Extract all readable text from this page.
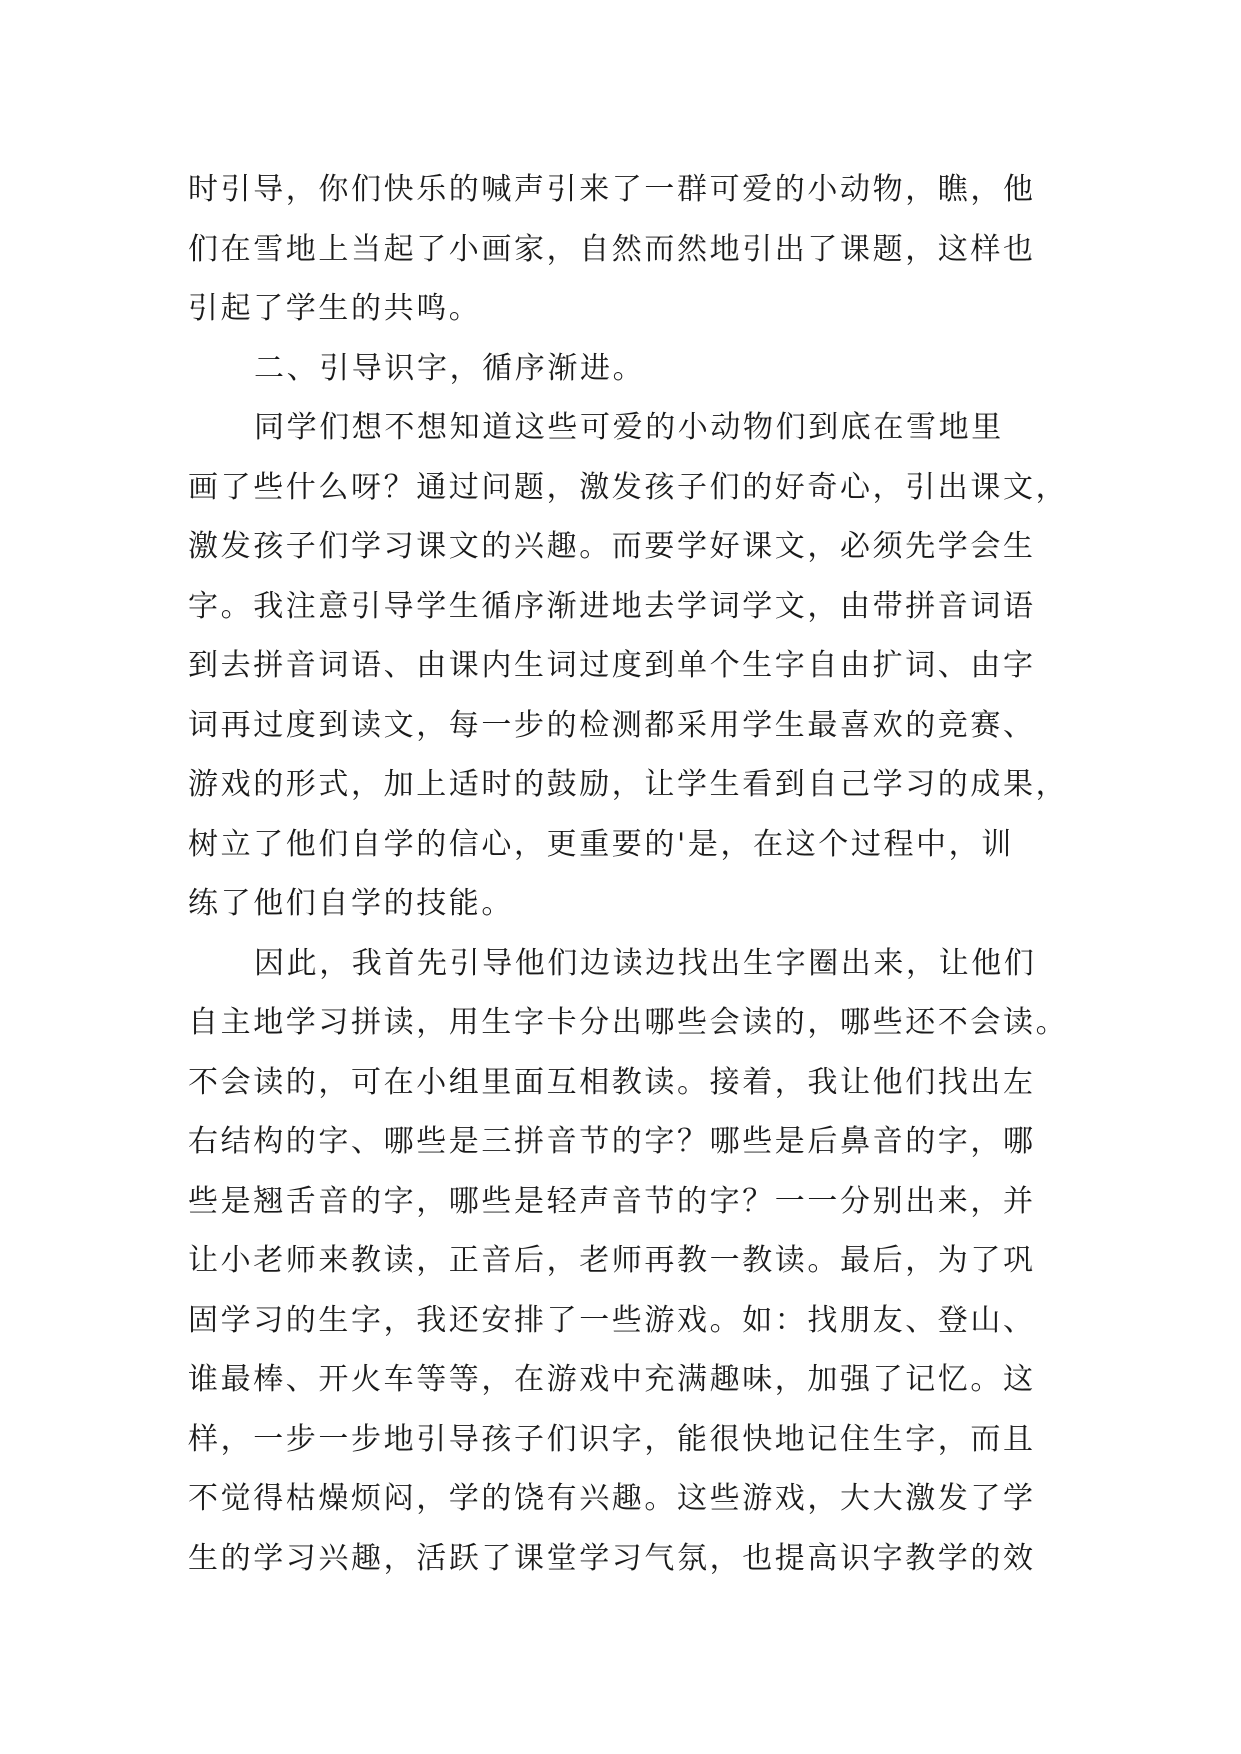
时引导，你们快乐的喊声引来了一群可爱的小动物，瞧，他
们在雪地上当起了小画家，自然而然地引出了课题，这样也
引起了学生的共鸣。
二、引导识字，循序渐进。
同学们想不想知道这些可爱的小动物们到底在雪地里
画了些什么呀？通过问题，激发孩子们的好奇心，引出课文，
激发孩子们学习课文的兴趣。而要学好课文，必须先学会生
字。我注意引导学生循序渐进地去学词学文，由带拼音词语
到去拼音词语、由课内生词过度到单个生字自由扩词、由字
词再过度到读文，每一步的检测都采用学生最喜欢的竞赛、
游戏的形式，加上适时的鼓励，让学生看到自己学习的成果，
树立了他们自学的信心，更重要的'是，在这个过程中，训
练了他们自学的技能。
因此，我首先引导他们边读边找出生字圈出来，让他们
自主地学习拼读，用生字卡分出哪些会读的，哪些还不会读。
不会读的，可在小组里面互相教读。接着，我让他们找出左
右结构的字、哪些是三拼音节的字？哪些是后鼻音的字，哪
些是翘舌音的字，哪些是轻声音节的字？一一分别出来，并
让小老师来教读，正音后，老师再教一教读。最后，为了巩
固学习的生字，我还安排了一些游戏。如：找朋友、登山、
谁最棒、开火车等等，在游戏中充满趣味，加强了记忆。这
样，一步一步地引导孩子们识字，能很快地记住生字，而且
不觉得枯燥烦闷，学的饶有兴趣。这些游戏，大大激发了学
生的学习兴趣，活跃了课堂学习气氛，也提高识字教学的效
